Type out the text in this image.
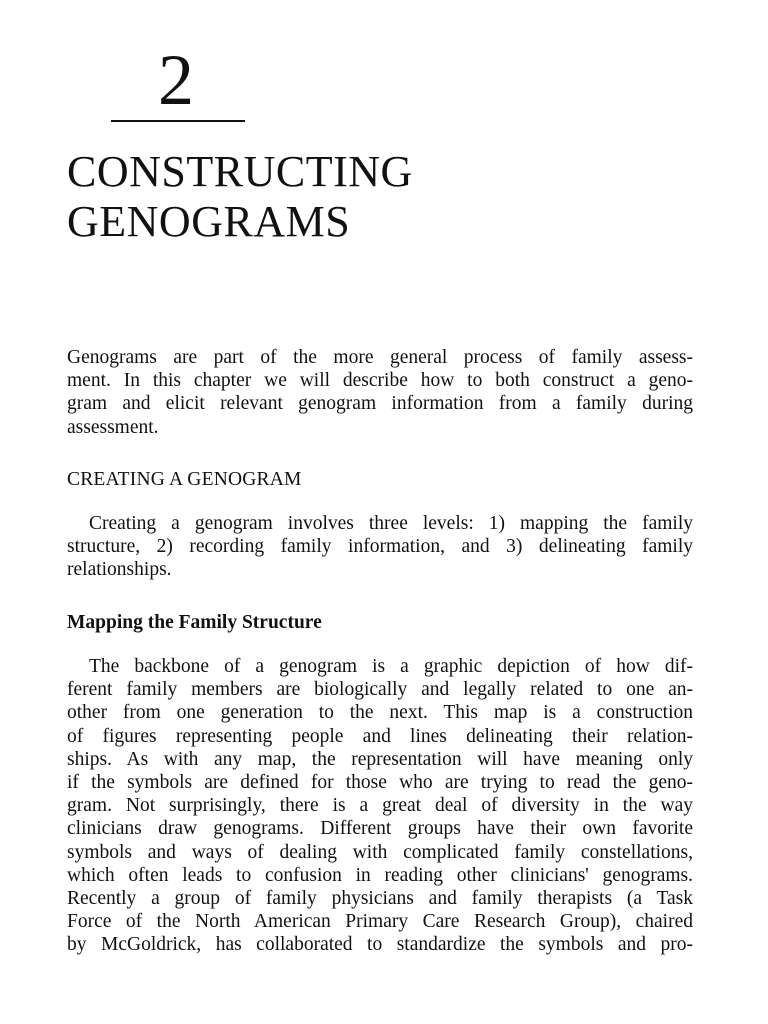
2
CONSTRUCTING
GENOGRAMS
Genograms are part of the more general process of family assess-
ment. In this chapter we will describe how to both construct a geno-
gram and elicit relevant genogram information from a family during
assessment.
CREATING A GENOGRAM
Creating a genogram involves three levels: 1) mapping the family
structure, 2) recording family information, and 3) delineating family
relationships.
Mapping the Family Structure
The backbone of a genogram is a graphic depiction of how dif-
ferent family members are biologically and legally related to one an-
other from one generation to the next. This map is a construction
of figures representing people and lines delineating their relation-
ships. As with any map, the representation will have meaning only
if the symbols are defined for those who are trying to read the geno-
gram. Not surprisingly, there is a great deal of diversity in the way
clinicians draw genograms. Different groups have their own favorite
symbols and ways of dealing with complicated family constellations,
which often leads to confusion in reading other clinicians' genograms.
Recently a group of family physicians and family therapists (a Task
Force of the North American Primary Care Research Group), chaired
by McGoldrick, has collaborated to standardize the symbols and pro-
